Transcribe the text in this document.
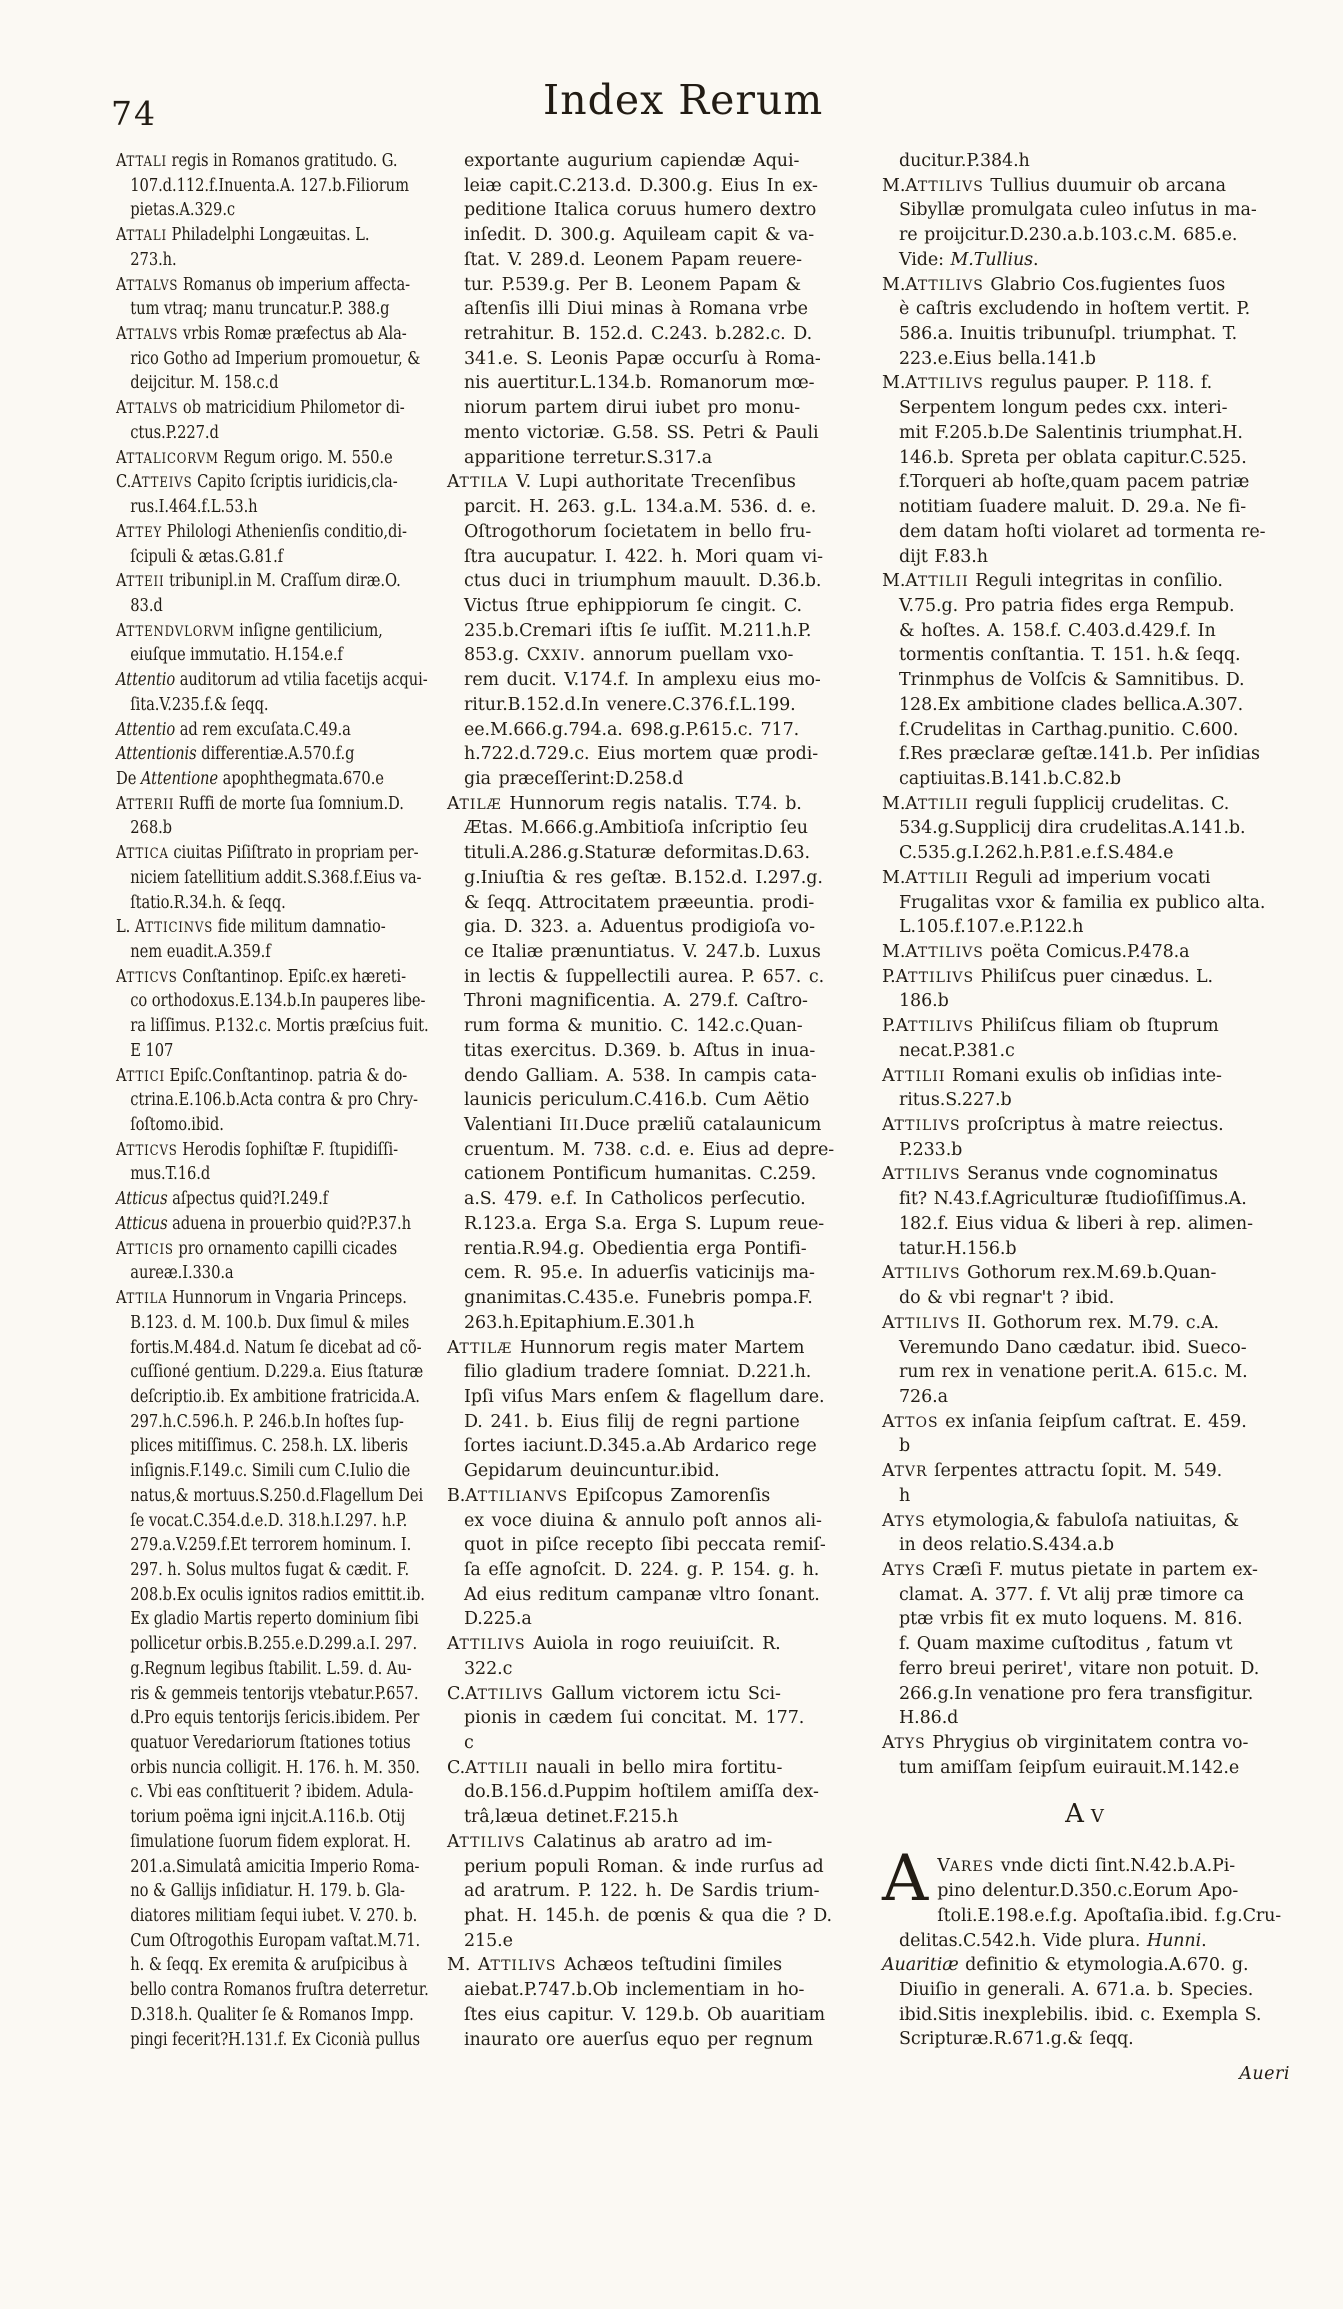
74	Index Rerum
ATTALI regis in Romanos gratitudo. G.
107.d.112.f.Inuenta.A. 127.b.Filiorum
pietas.A.329.c
ATTALI Philadelphi Longæuitas. L.
273.h.
ATTALVS Romanus ob imperium affecta-
tum vtraq; manu truncatur.P. 388.g
ATTALVS vrbis Romæ præfectus ab Ala-
rico Gotho ad Imperium promouetur, &
deijcitur. M. 158.c.d
ATTALVS ob matricidium Philometor di-
ctus.P.227.d
ATTALICORVM Regum origo. M. 550.e
C.ATTEIVS Capito ſcriptis iuridicis,cla-
rus.I.464.f.L.53.h
ATTEY Philologi Athenienſis conditio,di-
ſcipuli & ætas.G.81.f
ATTEII tribunipl.in M. Craſſum diræ.O.
83.d
ATTENDVLORVM inſigne gentilicium,
eiuſque immutatio. H.154.e.f
Attentio auditorum ad vtilia facetijs acqui-
ſita.V.235.f.& ſeqq.
Attentio ad rem excuſata.C.49.a
Attentionis differentiæ.A.570.f.g
De Attentione apophthegmata.670.e
ATTERII Ruffi de morte ſua ſomnium.D.
268.b
ATTICA ciuitas Piſiſtrato in propriam per-
niciem ſatellitium addit.S.368.f.Eius va-
ſtatio.R.34.h. & ſeqq.
L. ATTICINVS fide militum damnatio-
nem euadit.A.359.f
ATTICVS Conſtantinop. Epiſc.ex hæreti-
co orthodoxus.E.134.b.In pauperes libe-
ra liſſimus. P.132.c. Mortis præſcius fuit.
E 107
ATTICI Epiſc.Conſtantinop. patria & do-
ctrina.E.106.b.Acta contra & pro Chry-
ſoſtomo.ibid.
ATTICVS Herodis ſophiſtæ F. ſtupidiſſi-
mus.T.16.d
Atticus aſpectus quid?I.249.f
Atticus aduena in prouerbio quid?P.37.h
ATTICIS pro ornamento capilli cicades
aureæ.I.330.a
ATTILA Hunnorum in Vngaria Princeps.
B.123. d. M. 100.b. Dux ſimul & miles
fortis.M.484.d. Natum ſe dicebat ad cõ-
cuſſioné gentium. D.229.a. Eius ſtaturæ
deſcriptio.ib. Ex ambitione fratricida.A.
297.h.C.596.h. P. 246.b.In hoſtes ſup-
plices mitiſſimus. C. 258.h. LX. liberis
inſignis.F.149.c. Simili cum C.Iulio die
natus,& mortuus.S.250.d.Flagellum Dei
ſe vocat.C.354.d.e.D. 318.h.I.297. h.P.
279.a.V.259.f.Et terrorem hominum. I.
297. h. Solus multos fugat & cædit. F.
208.b.Ex oculis ignitos radios emittit.ib.
Ex gladio Martis reperto dominium ſibi
pollicetur orbis.B.255.e.D.299.a.I. 297.
g.Regnum legibus ſtabilit. L.59. d. Au-
ris & gemmeis tentorijs vtebatur.P.657.
d.Pro equis tentorijs ſericis.ibidem. Per
quatuor Veredariorum ſtationes totius
orbis nuncia colligit. H. 176. h. M. 350.
c. Vbi eas conſtituerit ? ibidem. Adula-
torium poëma igni injcit.A.116.b. Otij
ſimulatione ſuorum fidem explorat. H.
201.a.Simulatâ amicitia Imperio Roma-
no & Gallijs inſidiatur. H. 179. b. Gla-
diatores militiam ſequi iubet. V. 270. b.
Cum Oſtrogothis Europam vaſtat.M.71.
h. & ſeqq. Ex eremita & aruſpicibus à
bello contra Romanos fruſtra deterretur.
D.318.h. Qualiter ſe & Romanos Impp.
pingi fecerit?H.131.f. Ex Ciconià pullus
exportante augurium capiendæ Aqui-
leiæ capit.C.213.d. D.300.g. Eius In ex-
peditione Italica coruus humero dextro
inſedit. D. 300.g. Aquileam capit & va-
ſtat. V. 289.d. Leonem Papam reuere-
tur. P.539.g. Per B. Leonem Papam &
aſtenſis illi Diui minas à Romana vrbe
retrahitur. B. 152.d. C.243. b.282.c. D.
341.e. S. Leonis Papæ occurſu à Roma-
nis auertitur.L.134.b. Romanorum mœ-
niorum partem dirui iubet pro monu-
mento victoriæ. G.58. SS. Petri & Pauli
apparitione terretur.S.317.a
ATTILA V. Lupi authoritate Trecenſibus
parcit. H. 263. g.L. 134.a.M. 536. d. e.
Oſtrogothorum ſocietatem in bello fru-
ſtra aucupatur. I. 422. h. Mori quam vi-
ctus duci in triumphum mauult. D.36.b.
Victus ſtrue ephippiorum ſe cingit. C.
235.b.Cremari iſtis ſe iuſſit. M.211.h.P.
853.g. CXXIV. annorum puellam vxo-
rem ducit. V.174.f. In amplexu eius mo-
ritur.B.152.d.In venere.C.376.f.L.199.
ee.M.666.g.794.a. 698.g.P.615.c. 717.
h.722.d.729.c. Eius mortem quæ prodi-
gia præceſſerint:D.258.d
ATILÆ Hunnorum regis natalis. T.74. b.
Ætas. M.666.g.Ambitioſa inſcriptio ſeu
tituli.A.286.g.Staturæ deformitas.D.63.
g.Iniuſtia & res geſtæ. B.152.d. I.297.g.
& ſeqq. Attrocitatem præeuntia. prodi-
gia. D. 323. a. Aduentus prodigioſa vo-
ce Italiæ prænuntiatus. V. 247.b. Luxus
in lectis & ſuppellectili aurea. P. 657. c.
Throni magnificentia. A. 279.f. Caſtro-
rum forma & munitio. C. 142.c.Quan-
titas exercitus. D.369. b. Aſtus in inua-
dendo Galliam. A. 538. In campis cata-
launicis periculum.C.416.b. Cum Aëtio
Valentiani III.Duce præliũ catalaunicum
cruentum. M. 738. c.d. e. Eius ad depre-
cationem Pontificum humanitas. C.259.
a.S. 479. e.f. In Catholicos perſecutio.
R.123.a. Erga S.a. Erga S. Lupum reue-
rentia.R.94.g. Obedientia erga Pontifi-
cem. R. 95.e. In aduerſis vaticinijs ma-
gnanimitas.C.435.e. Funebris pompa.F.
263.h.Epitaphium.E.301.h
ATTILÆ Hunnorum regis mater Martem
filio gladium tradere ſomniat. D.221.h.
Ipſi viſus Mars enſem & flagellum dare.
D. 241. b. Eius filij de regni partione
ſortes iaciunt.D.345.a.Ab Ardarico rege
Gepidarum deuincuntur.ibid.
B.ATTILIANVS Epiſcopus Zamorenſis
ex voce diuina & annulo poſt annos ali-
quot in piſce recepto ſibi peccata remiſ-
ſa eſſe agnoſcit. D. 224. g. P. 154. g. h.
Ad eius reditum campanæ vltro ſonant.
D.225.a
ATTILIVS Auiola in rogo reuiuiſcit. R.
322.c
C.ATTILIVS Gallum victorem ictu Sci-
pionis in cædem ſui concitat. M. 177.
c
C.ATTILII nauali in bello mira fortitu-
do.B.156.d.Puppim hoſtilem amiſſa dex-
trâ,læua detinet.F.215.h
ATTILIVS Calatinus ab aratro ad im-
perium populi Roman. & inde rurſus ad
ad aratrum. P. 122. h. De Sardis trium-
phat. H. 145.h. de pœnis & qua die ? D.
215.e
M. ATTILIVS Achæos teſtudini ſimiles
aiebat.P.747.b.Ob inclementiam in ho-
ſtes eius capitur. V. 129.b. Ob auaritiam
inaurato ore auerſus equo per regnum
ducitur.P.384.h
M.ATTILIVS Tullius duumuir ob arcana
Sibyllæ promulgata culeo inſutus in ma-
re proijcitur.D.230.a.b.103.c.M. 685.e.
Vide: M.Tullius.
M.ATTILIVS Glabrio Cos.fugientes ſuos
è caſtris excludendo in hoſtem vertit. P.
586.a. Inuitis tribunuſpl. triumphat. T.
223.e.Eius bella.141.b
M.ATTILIVS regulus pauper. P. 118. f.
Serpentem longum pedes cxx. interi-
mit F.205.b.De Salentinis triumphat.H.
146.b. Spreta per oblata capitur.C.525.
f.Torqueri ab hoſte,quam pacem patriæ
notitiam ſuadere maluit. D. 29.a. Ne fi-
dem datam hoſti violaret ad tormenta re-
dijt F.83.h
M.ATTILII Reguli integritas in conſilio.
V.75.g. Pro patria fides erga Rempub.
& hoſtes. A. 158.f. C.403.d.429.f. In
tormentis conſtantia. T. 151. h.& ſeqq.
Trinmphus de Volſcis & Samnitibus. D.
128.Ex ambitione clades bellica.A.307.
f.Crudelitas in Carthag.punitio. C.600.
f.Res præclaræ geſtæ.141.b. Per inſidias
captiuitas.B.141.b.C.82.b
M.ATTILII reguli ſupplicij crudelitas. C.
534.g.Supplicij dira crudelitas.A.141.b.
C.535.g.I.262.h.P.81.e.f.S.484.e
M.ATTILII Reguli ad imperium vocati
Frugalitas vxor & familia ex publico alta.
L.105.f.107.e.P.122.h
M.ATTILIVS poëta Comicus.P.478.a
P.ATTILIVS Philiſcus puer cinædus. L.
186.b
P.ATTILIVS Philiſcus filiam ob ſtuprum
necat.P.381.c
ATTILII Romani exulis ob inſidias inte-
ritus.S.227.b
ATTILIVS proſcriptus à matre reiectus.
P.233.b
ATTILIVS Seranus vnde cognominatus
fit? N.43.f.Agriculturæ ſtudioſiſſimus.A.
182.f. Eius vidua & liberi à rep. alimen-
tatur.H.156.b
ATTILIVS Gothorum rex.M.69.b.Quan-
do & vbi regnar't ? ibid.
ATTILIVS II. Gothorum rex. M.79. c.A.
Veremundo Dano cædatur. ibid. Sueco-
rum rex in venatione perit.A. 615.c. M.
726.a
ATTOS ex inſania ſeipſum caſtrat. E. 459.
b
ATVR ſerpentes attractu ſopit. M. 549.
h
ATYS etymologia,& fabuloſa natiuitas, &
in deos relatio.S.434.a.b
ATYS Cræſi F. mutus pietate in partem ex-
clamat. A. 377. f. Vt alij præ timore ca
ptæ vrbis fit ex muto loquens. M. 816.
f. Quam maxime cuſtoditus , fatum vt
ferro breui periret', vitare non potuit. D.
266.g.In venatione pro fera transfigitur.
H.86.d
ATYS Phrygius ob virginitatem contra vo-
tum amiſſam ſeipſum euirauit.M.142.e
Av
A VARES vnde dicti ſint.N.42.b.A.Pi-
pino delentur.D.350.c.Eorum Apo-
ſtoli.E.198.e.f.g. Apoſtaſia.ibid. f.g.Cru-
delitas.C.542.h. Vide plura. Hunni.
Auaritiæ definitio & etymologia.A.670. g.
Diuiſio in generali. A. 671.a. b. Species.
ibid.Sitis inexplebilis. ibid. c. Exempla S.
Scripturæ.R.671.g.& ſeqq.
Aueri
